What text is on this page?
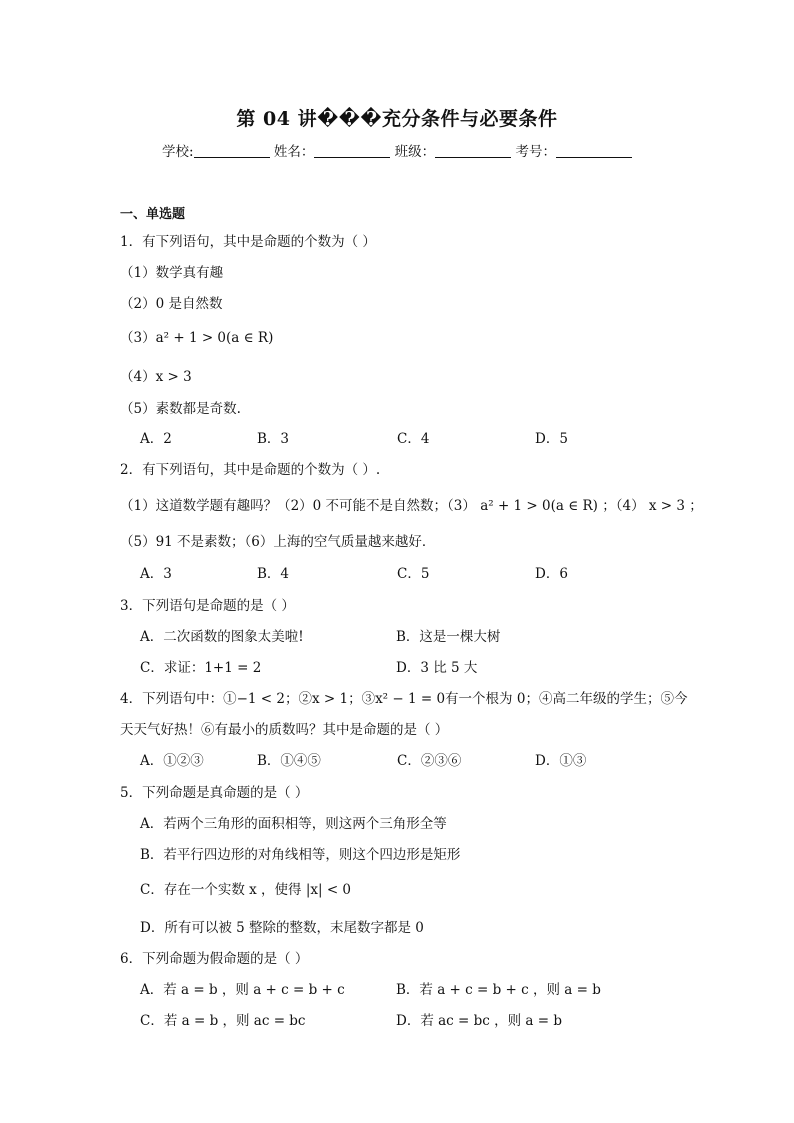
第 04 讲���充分条件与必要条件
学校:	姓名：	班级：	考号：
一、单选题
1．有下列语句，其中是命题的个数为（ ）
（1）数学真有趣
（2）0 是自然数
（3）a² + 1 > 0(a ∈ R)
（4）x > 3
（5）素数都是奇数.
A．2	B．3	C．4	D．5
2．有下列语句，其中是命题的个数为（ ）.
（1）这道数学题有趣吗？（2）0 不可能不是自然数；（3） a² + 1 > 0(a ∈ R) ；（4） x > 3 ；
（5）91 不是素数；（6）上海的空气质量越来越好．
A．3	B．4	C．5	D．6
3．下列语句是命题的是（ ）
A．二次函数的图象太美啦!	B．这是一棵大树
C．求证：1+1 = 2	D．3 比 5 大
4．下列语句中：①−1 < 2；②x > 1；③x² − 1 = 0有一个根为 0；④高二年级的学生；⑤今
天天气好热！⑥有最小的质数吗？其中是命题的是（ ）
A．①②③	B．①④⑤	C．②③⑥	D．①③
5．下列命题是真命题的是（ ）
A．若两个三角形的面积相等，则这两个三角形全等
B．若平行四边形的对角线相等，则这个四边形是矩形
C．存在一个实数 x ，使得 |x| < 0
D．所有可以被 5 整除的整数，末尾数字都是 0
6．下列命题为假命题的是（ ）
A．若 a = b ，则 a + c = b + c	B．若 a + c = b + c ，则 a = b
C．若 a = b ，则 ac = bc	D．若 ac = bc ，则 a = b
